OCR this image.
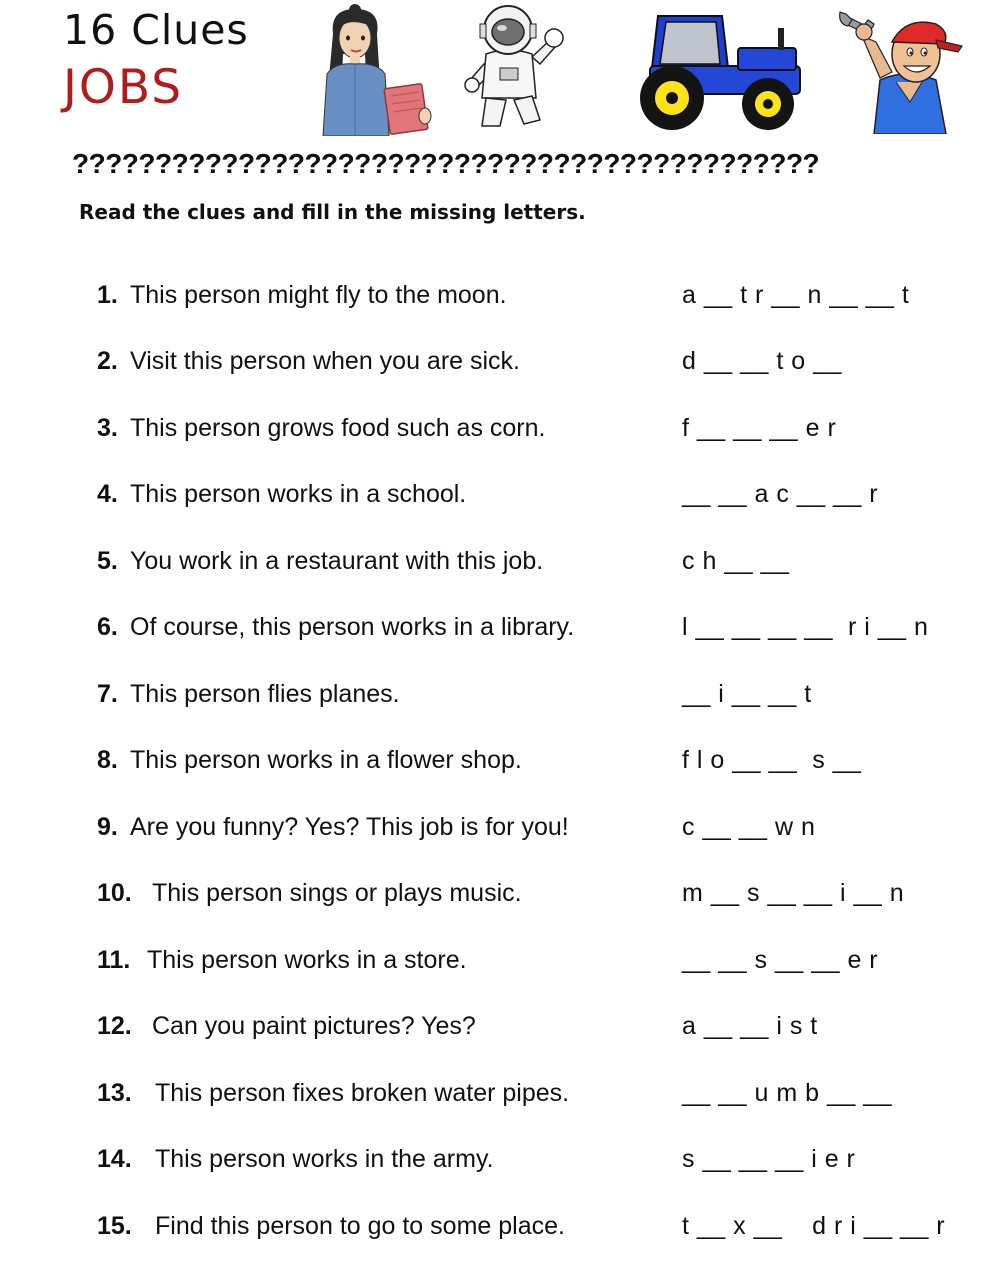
16 Clues
JOBS
?????????????????????????????????????????????
Read the clues and fill in the missing letters.
1. This person might fly to the moon.	a __ t r __ n __ __ t
2. Visit this person when you are sick.	d __ __ t o __
3. This person grows food such as corn.	f __ __ __ e r
4. This person works in a school.	__ __ a c __ __ r
5. You work in a restaurant with this job.	c h __ __
6. Of course, this person works in a library.	l __ __ __ __  r i __ n
7. This person flies planes.	__ i __ __ t
8. This person works in a flower shop.	f l o __ __  s __
9. Are you funny? Yes? This job is for you!	c __ __ w n
10. This person sings or plays music.	m __ s __ __ i __ n
11. This person works in a store.	__ __ s __ __ e r
12. Can you paint pictures? Yes?	a __ __ i s t
13. This person fixes broken water pipes.	__ __ u m b __ __
14. This person works in the army.	s __ __ __ i e r
15. Find this person to go to some place.	t __ x __    d r i __ __ r
